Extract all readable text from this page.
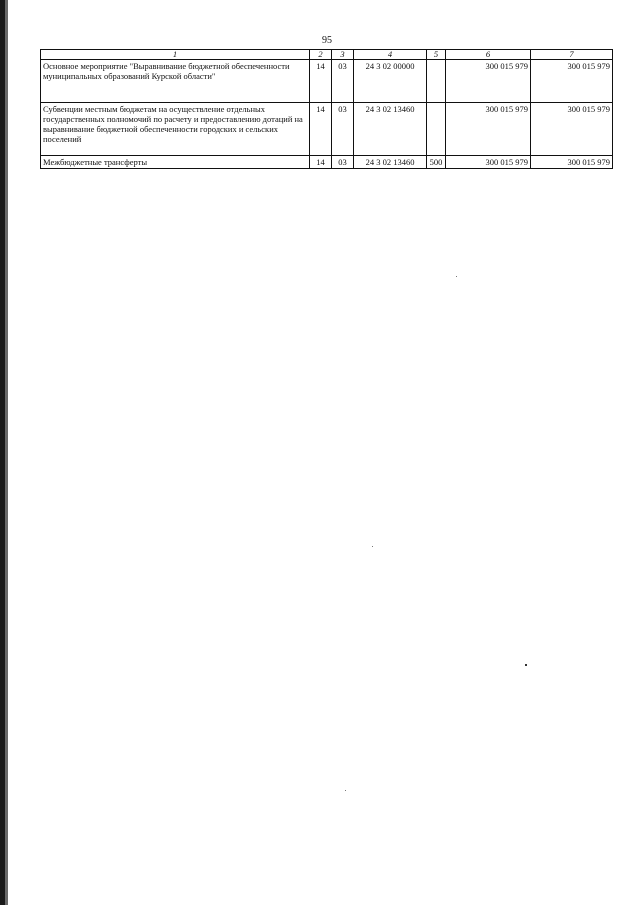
95
1	2	3	4	5	6	7
Основное мероприятие "Выравнивание бюджетной обеспеченности муниципальных образований Курской области"	14	03	24 3 02 00000		300 015 979	300 015 979
Субвенции местным бюджетам на осуществление отдельных государственных полномочий по расчету и предоставлению дотаций на выравнивание бюджетной обеспеченности городских и сельских поселений	14	03	24 3 02 13460		300 015 979	300 015 979
Межбюджетные трансферты	14	03	24 3 02 13460	500	300 015 979	300 015 979
